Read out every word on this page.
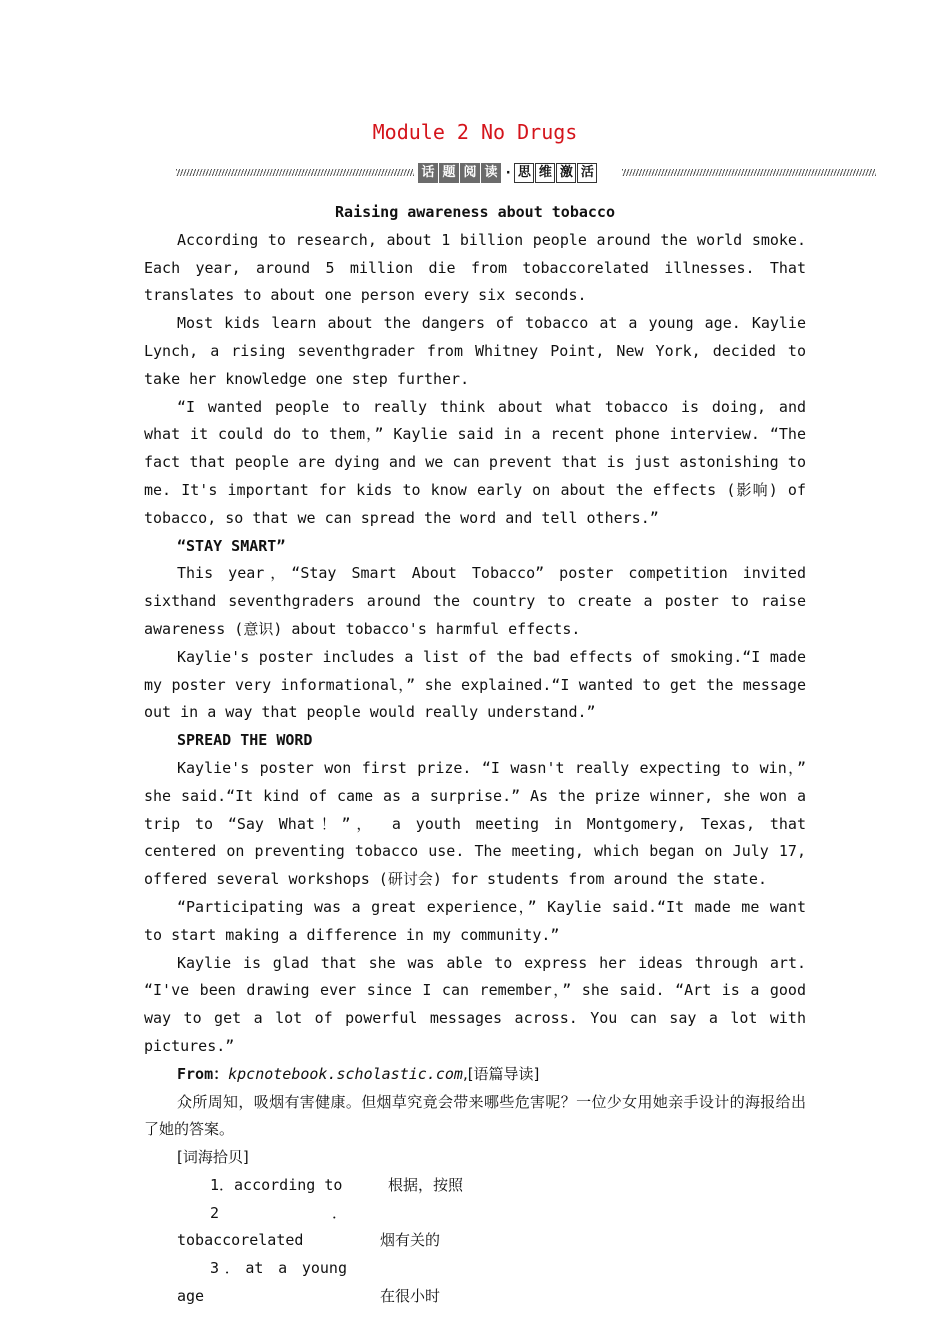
Module 2 No Drugs
话 题 阅 读 · 思 维 激 活

Raising awareness about tobacco

According to research, about 1 billion people around the world smoke. Each year, around 5 million die from tobaccorelated illnesses. That translates to about one person every six seconds.

Most kids learn about the dangers of tobacco at a young age. Kaylie Lynch, a rising seventhgrader from Whitney Point, New York, decided to take her knowledge one step further.

“I wanted people to really think about what tobacco is doing, and what it could do to them，” Kaylie said in a recent phone interview. “The fact that people are dying and we can prevent that is just astonishing to me. It's important for kids to know early on about the effects (影响) of tobacco, so that we can spread the word and tell others.”

“STAY SMART”

This year，“Stay Smart About Tobacco” poster competition invited sixthand seventhgraders around the country to create a poster to raise awareness (意识) about tobacco's harmful effects.

Kaylie's poster includes a list of the bad effects of smoking.“I made my poster very informational，” she explained.“I wanted to get the message out in a way that people would really understand.”

SPREAD THE WORD

Kaylie's poster won first prize. “I wasn't really expecting to win，” she said.“It kind of came as a surprise.” As the prize winner, she won a trip to “Say What！”， a youth meeting in Montgomery, Texas, that centered on preventing tobacco use. The meeting, which began on July 17, offered several workshops (研讨会) for students from around the state.

“Participating was a great experience，” Kaylie said.“It made me want to start making a difference in my community.”

Kaylie is glad that she was able to express her ideas through art. “I've been drawing ever since I can remember，” she said. “Art is a good way to get a lot of powerful messages across. You can say a lot with pictures.”

From：kpcnotebook.scholastic.com,[语篇导读]

众所周知，吸烟有害健康。但烟草究竟会带来哪些危害呢？一位少女用她亲手设计的海报给出了她的答案。

[词海拾贝]

1．according to	根据，按照

2．tobaccorelated	烟有关的

3．at a young age	在很小时
